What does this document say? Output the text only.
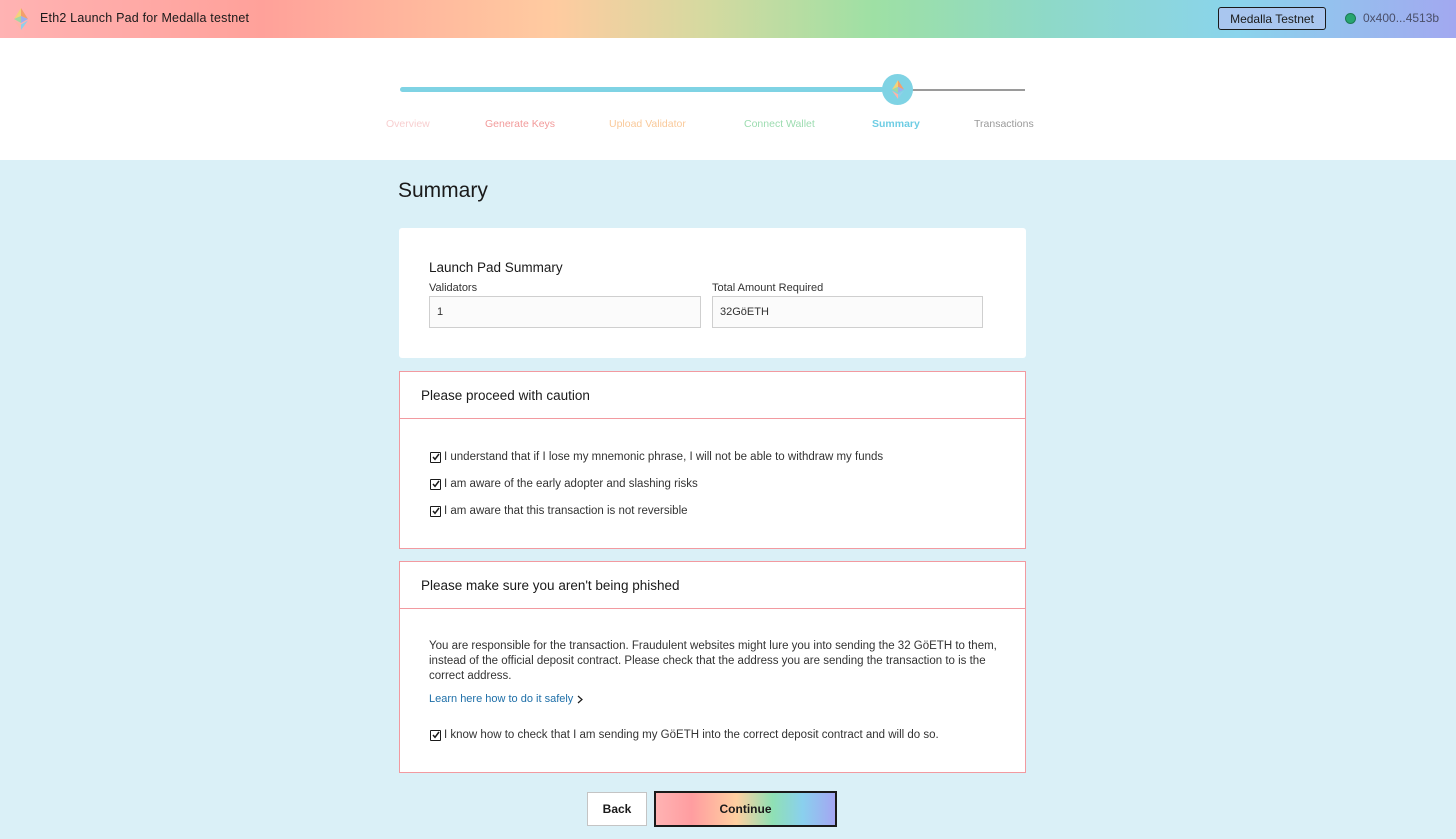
Eth2 Launch Pad for Medalla testnet	Medalla Testnet	0x400...4513b
Overview	Generate Keys	Upload Validator	Connect Wallet	Summary	Transactions
Summary
Launch Pad Summary
Validators
1
Total Amount Required
32GöETH
Please proceed with caution
I understand that if I lose my mnemonic phrase, I will not be able to withdraw my funds
I am aware of the early adopter and slashing risks
I am aware that this transaction is not reversible
Please make sure you aren't being phished

You are responsible for the transaction. Fraudulent websites might lure you into sending the 32 GöETH to them, instead of the official deposit contract. Please check that the address you are sending the transaction to is the correct address.

Learn here how to do it safely
I know how to check that I am sending my GöETH into the correct deposit contract and will do so.
Back	Continue
